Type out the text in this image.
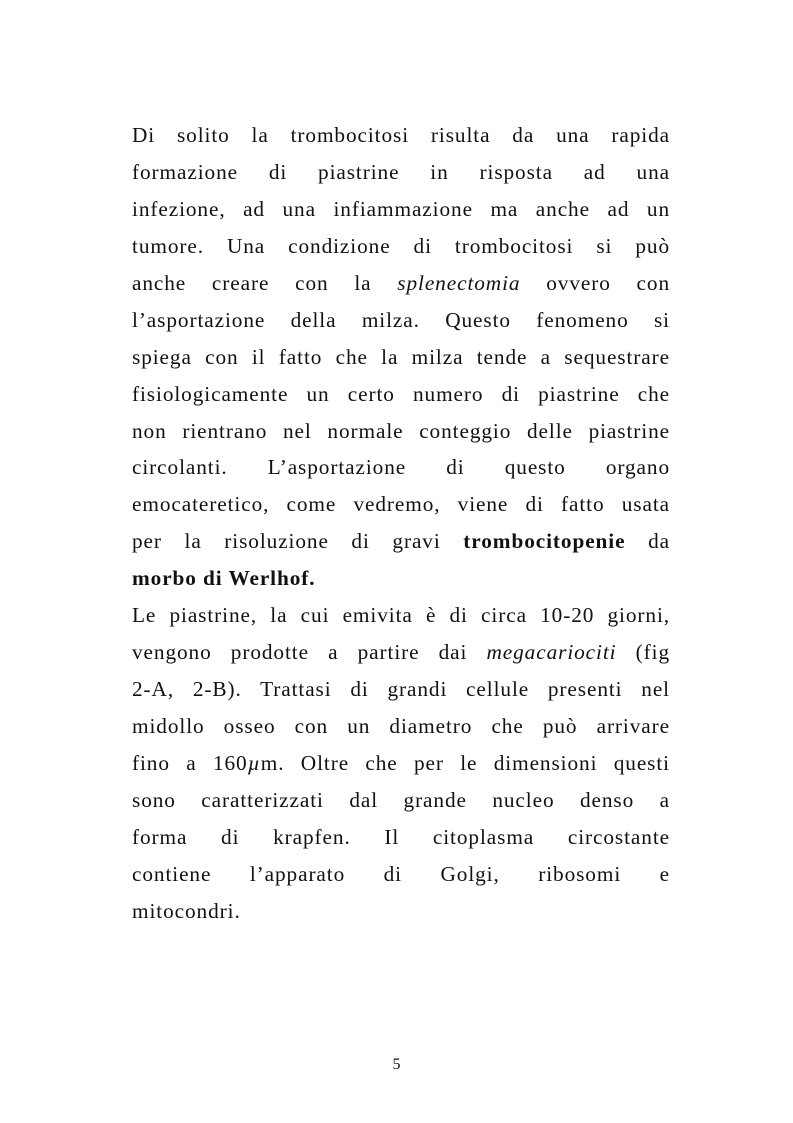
Di solito la trombocitosi risulta da una rapida
formazione di piastrine in risposta ad una
infezione, ad una infiammazione ma anche ad un
tumore. Una condizione di trombocitosi si può
anche creare con la splenectomia ovvero con
l’asportazione della milza. Questo fenomeno si
spiega con il fatto che la milza tende a sequestrare
fisiologicamente un certo numero di piastrine che
non rientrano nel normale conteggio delle piastrine
circolanti. L’asportazione di questo organo
emocateretico, come vedremo, viene di fatto usata
per la risoluzione di gravi trombocitopenie da
morbo di Werlhof.
Le piastrine, la cui emivita è di circa 10-20 giorni,
vengono prodotte a partire dai megacariociti (fig
2-A, 2-B). Trattasi di grandi cellule presenti nel
midollo osseo con un diametro che può arrivare
fino a 160µm. Oltre che per le dimensioni questi
sono caratterizzati dal grande nucleo denso a
forma di krapfen. Il citoplasma circostante
contiene l’apparato di Golgi, ribosomi e
mitocondri.
5
